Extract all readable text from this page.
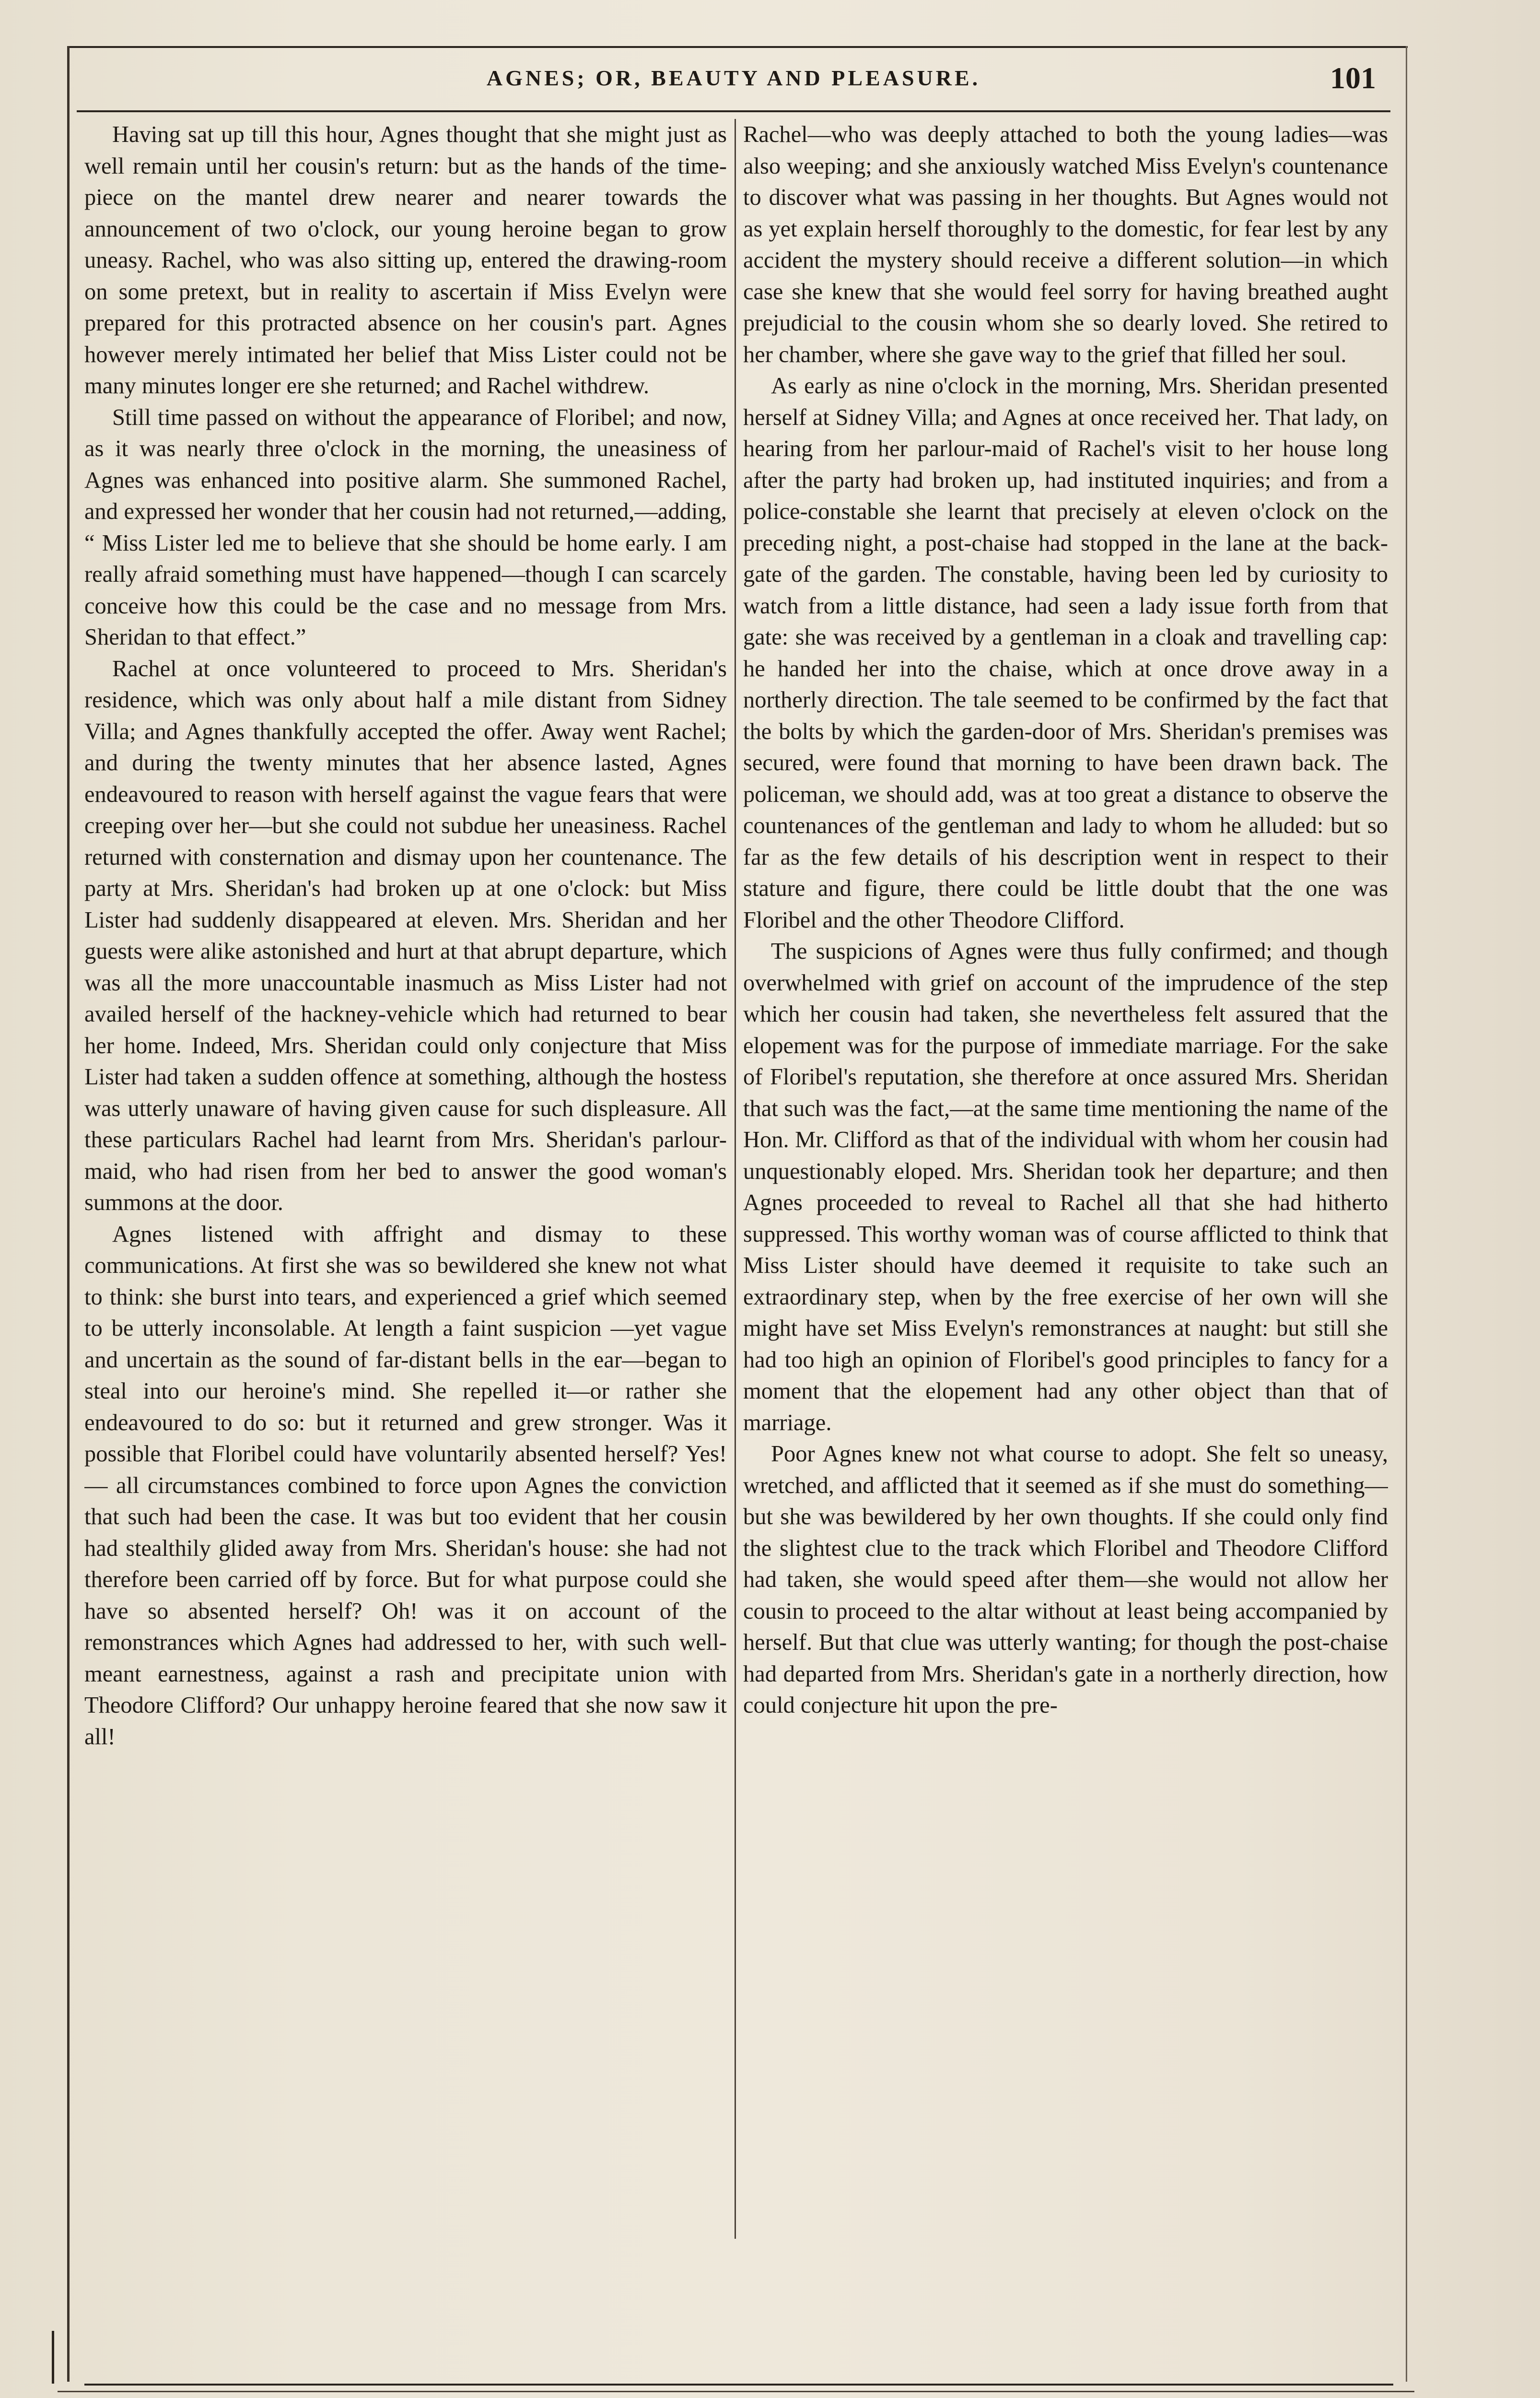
AGNES; OR, BEAUTY AND PLEASURE.	101

Having sat up till this hour, Agnes thought that she might just as well remain until her cousin's return: but as the hands of the time-piece on the mantel drew nearer and nearer towards the announcement of two o'clock, our young heroine began to grow uneasy. Rachel, who was also sitting up, entered the drawing-room on some pretext, but in reality to ascertain if Miss Evelyn were prepared for this protracted absence on her cousin's part. Agnes however merely intimated her belief that Miss Lister could not be many minutes longer ere she returned; and Rachel withdrew.

Still time passed on without the appearance of Floribel; and now, as it was nearly three o'clock in the morning, the uneasiness of Agnes was enhanced into positive alarm. She summoned Rachel, and expressed her wonder that her cousin had not returned,—adding, “ Miss Lister led me to believe that she should be home early. I am really afraid something must have happened—though I can scarcely conceive how this could be the case and no message from Mrs. Sheridan to that effect.”

Rachel at once volunteered to proceed to Mrs. Sheridan's residence, which was only about half a mile distant from Sidney Villa; and Agnes thankfully accepted the offer. Away went Rachel; and during the twenty minutes that her absence lasted, Agnes endeavoured to reason with herself against the vague fears that were creeping over her—but she could not subdue her uneasiness. Rachel returned with consternation and dismay upon her countenance. The party at Mrs. Sheridan's had broken up at one o'clock: but Miss Lister had suddenly disappeared at eleven. Mrs. Sheridan and her guests were alike astonished and hurt at that abrupt departure, which was all the more unaccountable inasmuch as Miss Lister had not availed herself of the hackney-vehicle which had returned to bear her home. Indeed, Mrs. Sheridan could only conjecture that Miss Lister had taken a sudden offence at something, although the hostess was utterly unaware of having given cause for such displeasure. All these particulars Rachel had learnt from Mrs. Sheridan's parlour-maid, who had risen from her bed to answer the good woman's summons at the door.

Agnes listened with affright and dismay to these communications. At first she was so bewildered she knew not what to think: she burst into tears, and experienced a grief which seemed to be utterly inconsolable. At length a faint suspicion —yet vague and uncertain as the sound of far-distant bells in the ear—began to steal into our heroine's mind. She repelled it—or rather she endeavoured to do so: but it returned and grew stronger. Was it possible that Floribel could have voluntarily absented herself? Yes! — all circumstances combined to force upon Agnes the conviction that such had been the case. It was but too evident that her cousin had stealthily glided away from Mrs. Sheridan's house: she had not therefore been carried off by force. But for what purpose could she have so absented herself? Oh! was it on account of the remonstrances which Agnes had addressed to her, with such well-meant earnestness, against a rash and precipitate union with Theodore Clifford? Our unhappy heroine feared that she now saw it all!

Rachel—who was deeply attached to both the young ladies—was also weeping; and she anxiously watched Miss Evelyn's countenance to discover what was passing in her thoughts. But Agnes would not as yet explain herself thoroughly to the domestic, for fear lest by any accident the mystery should receive a different solution—in which case she knew that she would feel sorry for having breathed aught prejudicial to the cousin whom she so dearly loved. She retired to her chamber, where she gave way to the grief that filled her soul.

As early as nine o'clock in the morning, Mrs. Sheridan presented herself at Sidney Villa; and Agnes at once received her. That lady, on hearing from her parlour-maid of Rachel's visit to her house long after the party had broken up, had instituted inquiries; and from a police-constable she learnt that precisely at eleven o'clock on the preceding night, a post-chaise had stopped in the lane at the back-gate of the garden. The constable, having been led by curiosity to watch from a little distance, had seen a lady issue forth from that gate: she was received by a gentleman in a cloak and travelling cap: he handed her into the chaise, which at once drove away in a northerly direction. The tale seemed to be confirmed by the fact that the bolts by which the garden-door of Mrs. Sheridan's premises was secured, were found that morning to have been drawn back. The policeman, we should add, was at too great a distance to observe the countenances of the gentleman and lady to whom he alluded: but so far as the few details of his description went in respect to their stature and figure, there could be little doubt that the one was Floribel and the other Theodore Clifford.

The suspicions of Agnes were thus fully confirmed; and though overwhelmed with grief on account of the imprudence of the step which her cousin had taken, she nevertheless felt assured that the elopement was for the purpose of immediate marriage. For the sake of Floribel's reputation, she therefore at once assured Mrs. Sheridan that such was the fact,—at the same time mentioning the name of the Hon. Mr. Clifford as that of the individual with whom her cousin had unquestionably eloped. Mrs. Sheridan took her departure; and then Agnes proceeded to reveal to Rachel all that she had hitherto suppressed. This worthy woman was of course afflicted to think that Miss Lister should have deemed it requisite to take such an extraordinary step, when by the free exercise of her own will she might have set Miss Evelyn's remonstrances at naught: but still she had too high an opinion of Floribel's good principles to fancy for a moment that the elopement had any other object than that of marriage.

Poor Agnes knew not what course to adopt. She felt so uneasy, wretched, and afflicted that it seemed as if she must do something—but she was bewildered by her own thoughts. If she could only find the slightest clue to the track which Floribel and Theodore Clifford had taken, she would speed after them—she would not allow her cousin to proceed to the altar without at least being accompanied by herself. But that clue was utterly wanting; for though the post-chaise had departed from Mrs. Sheridan's gate in a northerly direction, how could conjecture hit upon the pre-
